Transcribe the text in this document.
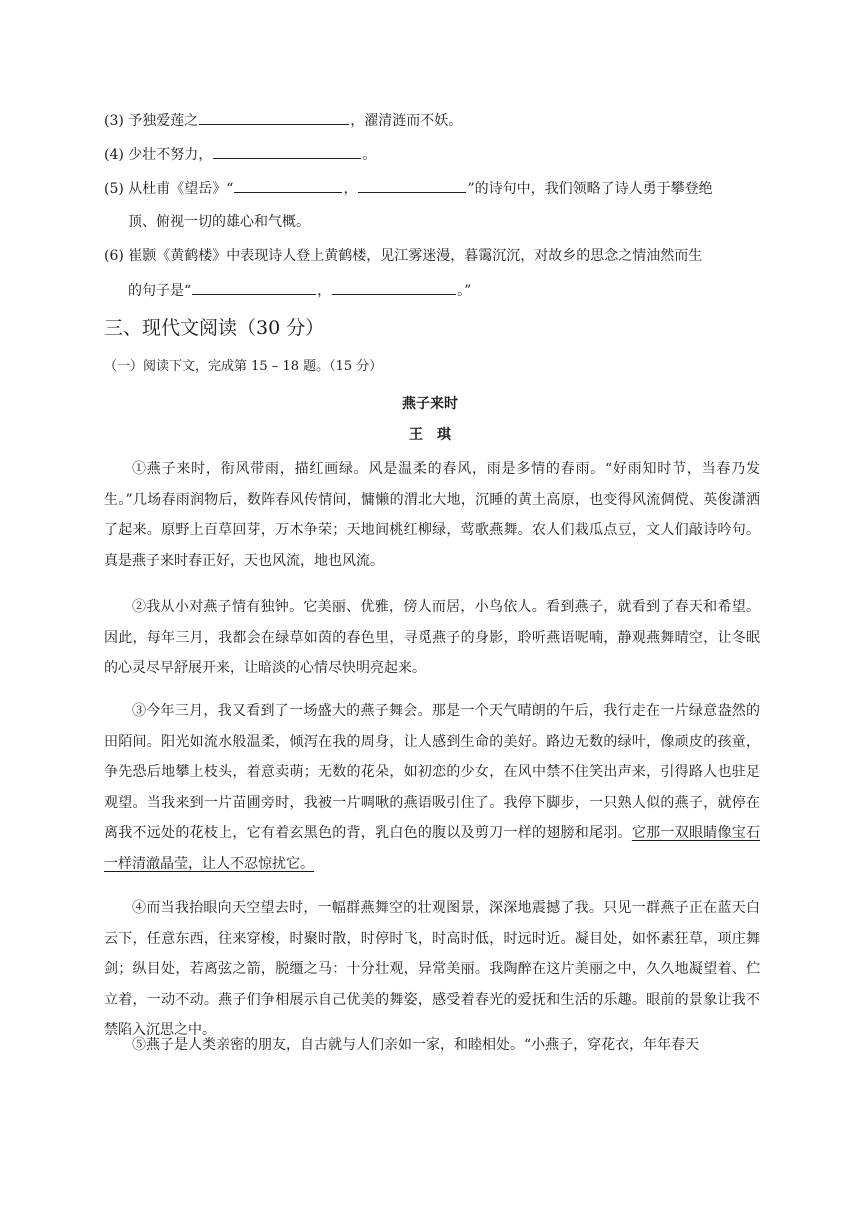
(3) 予独爱莲之	，濯清涟而不妖。
(4) 少壮不努力，	。
(5) 从杜甫《望岳》“	，	”的诗句中，我们领略了诗人勇于攀登绝
顶、俯视一切的雄心和气概。
(6) 崔颢《黄鹤楼》中表现诗人登上黄鹤楼，见江雾迷漫，暮霭沉沉，对故乡的思念之情油然而生
的句子是“	，	。”
三、现代文阅读（30 分）
（一）阅读下文，完成第 15 – 18 题。（15 分）
燕子来时
王琪

①燕子来时，衔风带雨，描红画绿。风是温柔的春风，雨是多情的春雨。“好雨知时节，当春乃发生。”几场春雨润物后，数阵春风传情间，慵懒的渭北大地，沉睡的黄土高原，也变得风流倜傥、英俊潇洒了起来。原野上百草回芽，万木争荣；天地间桃红柳绿，莺歌燕舞。农人们栽瓜点豆，文人们敲诗吟句。真是燕子来时春正好，天也风流，地也风流。

②我从小对燕子情有独钟。它美丽、优雅，傍人而居，小鸟依人。看到燕子，就看到了春天和希望。因此，每年三月，我都会在绿草如茵的春色里，寻觅燕子的身影，聆听燕语呢喃，静观燕舞晴空，让冬眠的心灵尽早舒展开来，让暗淡的心情尽快明亮起来。

③今年三月，我又看到了一场盛大的燕子舞会。那是一个天气晴朗的午后，我行走在一片绿意盎然的田陌间。阳光如流水般温柔，倾泻在我的周身，让人感到生命的美好。路边无数的绿叶，像顽皮的孩童，争先恐后地攀上枝头，着意卖萌；无数的花朵，如初恋的少女，在风中禁不住笑出声来，引得路人也驻足观望。当我来到一片苗圃旁时，我被一片啁啾的燕语吸引住了。我停下脚步，一只熟人似的燕子，就停在离我不远处的花枝上，它有着玄黑色的背，乳白色的腹以及剪刀一样的翅膀和尾羽。它那一双眼睛像宝石一样清澈晶莹，让人不忍惊扰它。

④而当我抬眼向天空望去时，一幅群燕舞空的壮观图景，深深地震撼了我。只见一群燕子正在蓝天白云下，任意东西，往来穿梭，时聚时散，时停时飞，时高时低，时远时近。凝目处，如怀素狂草，项庄舞剑；纵目处，若离弦之箭，脱缰之马：十分壮观，异常美丽。我陶醉在这片美丽之中，久久地凝望着、伫立着，一动不动。燕子们争相展示自己优美的舞姿，感受着春光的爱抚和生活的乐趣。眼前的景象让我不禁陷入沉思之中。

⑤燕子是人类亲密的朋友，自古就与人们亲如一家，和睦相处。“小燕子，穿花衣，年年春天
